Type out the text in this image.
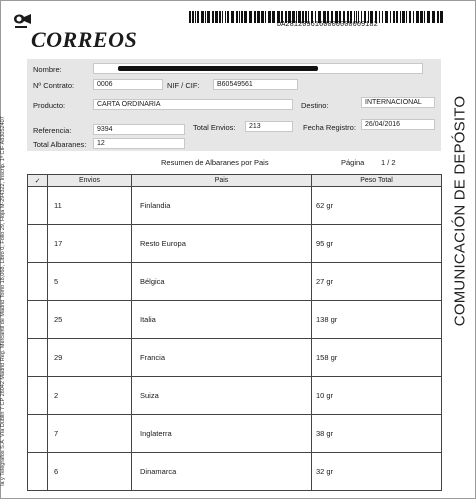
la y Telégrafos S.A. Vía Dublin 7 CP 28042 Madrid Reg. Mercantil de Madrid Tomo 18,068, Libro 0, Folio 29, Hoja M-294322, Inscrip. 1ª CIF A83052407
CORREOS
DA2812096160000000009182
Nombre:
Nº Contrato:	0006	NIF / CIF:	B60549561
Producto:	CARTA ORDINARIA	Destino:	INTERNACIONAL
Referencia:	9394	Total Envios:	213	Fecha Registro:	26/04/2016
Total Albaranes:	12
Resumen de Albaranes por Pais	Página 1 / 2
✓	Envios	Pais	Peso Total
	11	Finlandia	62 gr
	17	Resto Europa	95 gr
	5	Bélgica	27 gr
	25	Italia	138 gr
	29	Francia	158 gr
	2	Suiza	10 gr
	7	Inglaterra	38 gr
	6	Dinamarca	32 gr
COMUNICACIÓN DE DEPÓSITO
